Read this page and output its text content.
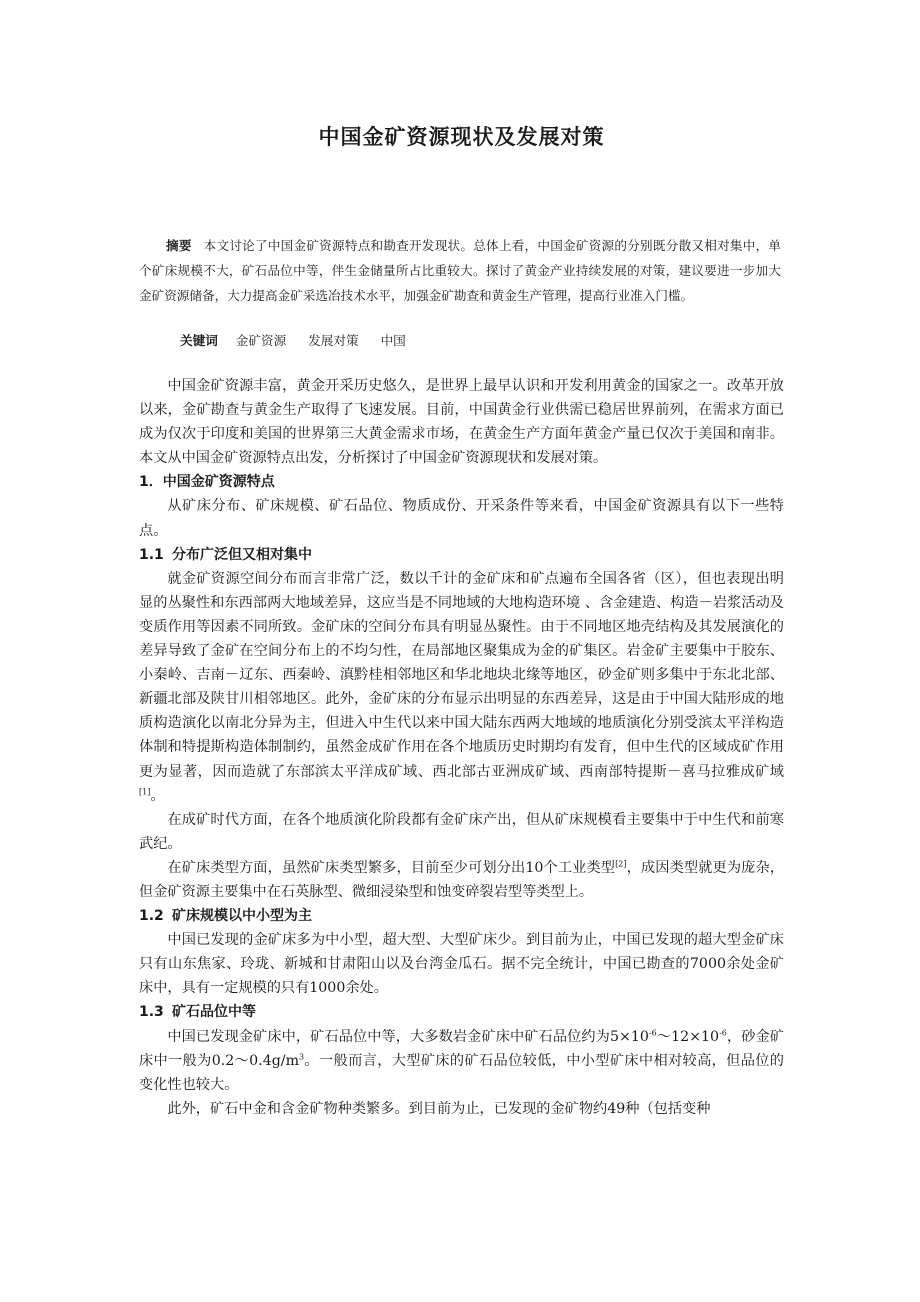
中国金矿资源现状及发展对策
摘要 本文讨论了中国金矿资源特点和勘查开发现状。总体上看，中国金矿资源的分别既分散又相对集中，单个矿床规模不大，矿石品位中等，伴生金储量所占比重较大。探讨了黄金产业持续发展的对策，建议要进一步加大金矿资源储备，大力提高金矿采选冶技术水平，加强金矿勘查和黄金生产管理，提高行业准入门槛。
关键词 金矿资源 发展对策 中国

中国金矿资源丰富，黄金开采历史悠久，是世界上最早认识和开发利用黄金的国家之一。改革开放以来，金矿勘查与黄金生产取得了飞速发展。目前，中国黄金行业供需已稳居世界前列，在需求方面已成为仅次于印度和美国的世界第三大黄金需求市场，在黄金生产方面年黄金产量已仅次于美国和南非。本文从中国金矿资源特点出发，分析探讨了中国金矿资源现状和发展对策。

1．中国金矿资源特点

从矿床分布、矿床规模、矿石品位、物质成份、开采条件等来看，中国金矿资源具有以下一些特点。

1.1 分布广泛但又相对集中

就金矿资源空间分布而言非常广泛，数以千计的金矿床和矿点遍布全国各省（区），但也表现出明显的丛聚性和东西部两大地域差异，这应当是不同地域的大地构造环境 、含金建造、构造－岩浆活动及变质作用等因素不同所致。金矿床的空间分布具有明显丛聚性。由于不同地区地壳结构及其发展演化的差异导致了金矿在空间分布上的不均匀性，在局部地区聚集成为金的矿集区。岩金矿主要集中于胶东、小秦岭、吉南－辽东、西秦岭、滇黔桂相邻地区和华北地块北缘等地区，砂金矿则多集中于东北北部、新疆北部及陕甘川相邻地区。此外，金矿床的分布显示出明显的东西差异，这是由于中国大陆形成的地质构造演化以南北分异为主，但进入中生代以来中国大陆东西两大地域的地质演化分别受滨太平洋构造体制和特提斯构造体制制约，虽然金成矿作用在各个地质历史时期均有发育，但中生代的区域成矿作用更为显著，因而造就了东部滨太平洋成矿域、西北部古亚洲成矿域、西南部特提斯－喜马拉雅成矿域[1]。

在成矿时代方面，在各个地质演化阶段都有金矿床产出，但从矿床规模看主要集中于中生代和前寒武纪。

在矿床类型方面，虽然矿床类型繁多，目前至少可划分出10个工业类型[2]，成因类型就更为庞杂，但金矿资源主要集中在石英脉型、微细浸染型和蚀变碎裂岩型等类型上。

1.2 矿床规模以中小型为主

中国已发现的金矿床多为中小型，超大型、大型矿床少。到目前为止，中国已发现的超大型金矿床只有山东焦家、玲珑、新城和甘肃阳山以及台湾金瓜石。据不完全统计，中国已勘查的7000余处金矿床中，具有一定规模的只有1000余处。

1.3 矿石品位中等

中国已发现金矿床中，矿石品位中等，大多数岩金矿床中矿石品位约为$5\times 10^{-6}\sim 12\times 10^{-6}$，砂金矿床中一般为$0.2\sim 0.4g/m^3$。一般而言，大型矿床的矿石品位较低，中小型矿床中相对较高，但品位的变化性也较大。

此外，矿石中金和含金矿物种类繁多。到目前为止，已发现的金矿物约49种（包括变种
